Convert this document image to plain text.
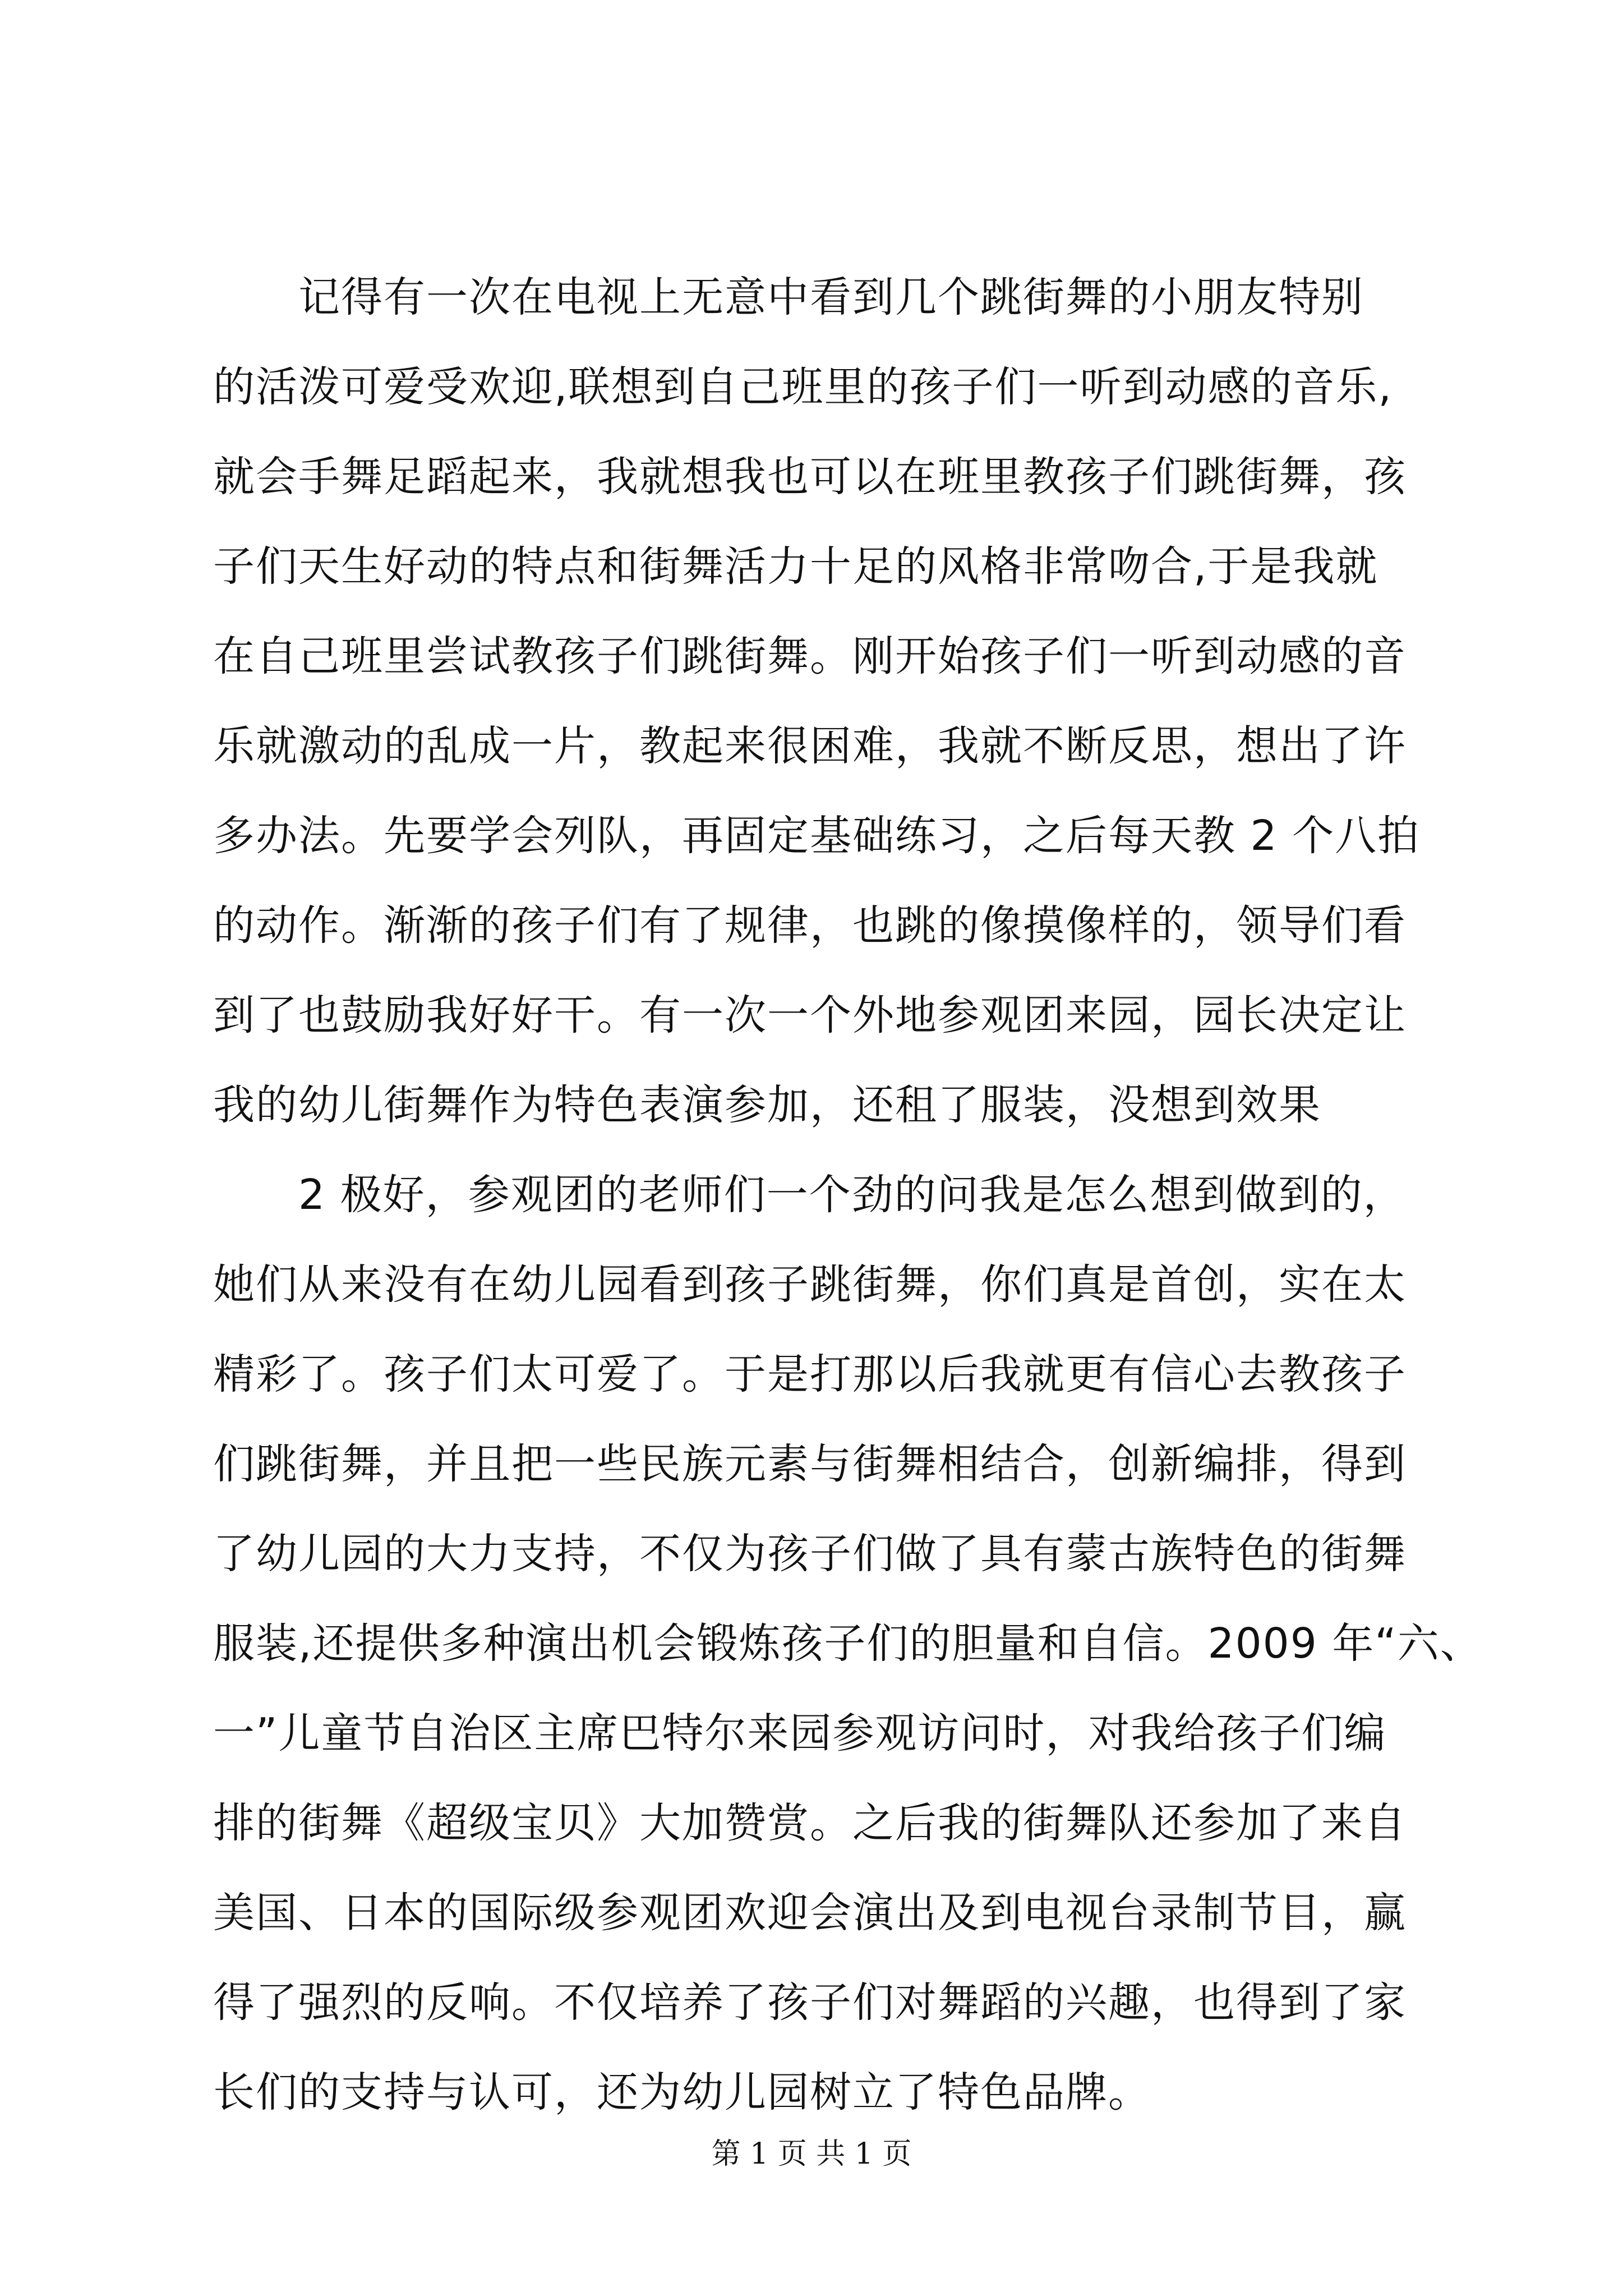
记得有一次在电视上无意中看到几个跳街舞的小朋友特别
的活泼可爱受欢迎,联想到自己班里的孩子们一听到动感的音乐,
就会手舞足蹈起来，我就想我也可以在班里教孩子们跳街舞，孩
子们天生好动的特点和街舞活力十足的风格非常吻合,于是我就
在自己班里尝试教孩子们跳街舞。刚开始孩子们一听到动感的音
乐就激动的乱成一片，教起来很困难，我就不断反思，想出了许
多办法。先要学会列队，再固定基础练习，之后每天教 2 个八拍
的动作。渐渐的孩子们有了规律，也跳的像摸像样的，领导们看
到了也鼓励我好好干。有一次一个外地参观团来园，园长决定让
我的幼儿街舞作为特色表演参加，还租了服装，没想到效果
2 极好，参观团的老师们一个劲的问我是怎么想到做到的，
她们从来没有在幼儿园看到孩子跳街舞，你们真是首创，实在太
精彩了。孩子们太可爱了。于是打那以后我就更有信心去教孩子
们跳街舞，并且把一些民族元素与街舞相结合，创新编排，得到
了幼儿园的大力支持，不仅为孩子们做了具有蒙古族特色的街舞
服装,还提供多种演出机会锻炼孩子们的胆量和自信。2009 年“六、
一”儿童节自治区主席巴特尔来园参观访问时，对我给孩子们编
排的街舞《超级宝贝》大加赞赏。之后我的街舞队还参加了来自
美国、日本的国际级参观团欢迎会演出及到电视台录制节目，赢
得了强烈的反响。不仅培养了孩子们对舞蹈的兴趣，也得到了家
长们的支持与认可，还为幼儿园树立了特色品牌。
第 1 页 共 1 页
